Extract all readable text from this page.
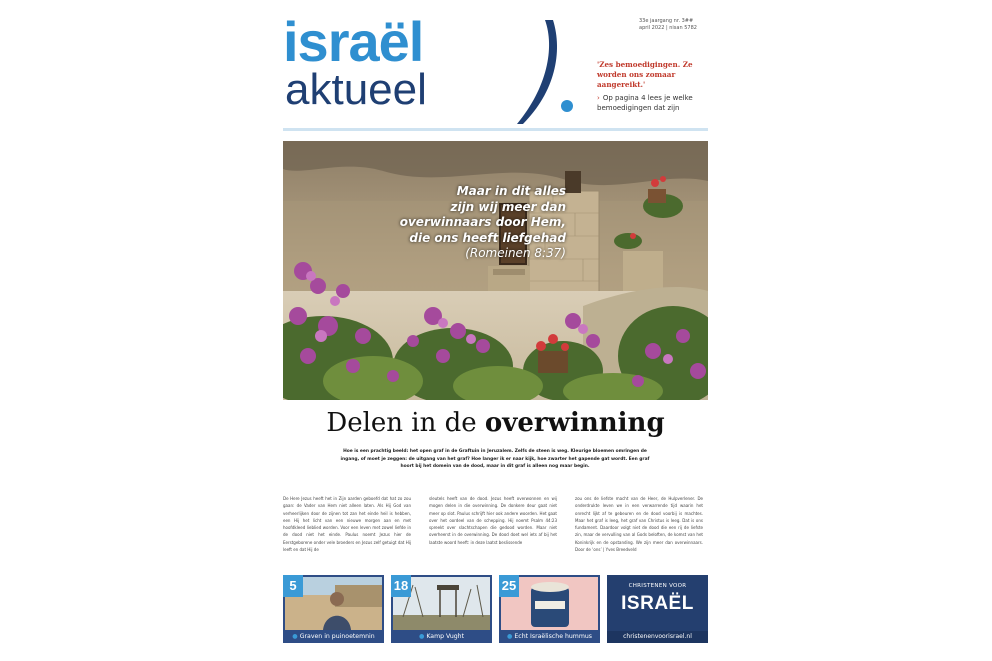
israël
aktueel
33e jaargang nr. 3##
april 2022 | nisan 5782
'Zes bemoedigingen. Ze worden ons zomaar aangereikt.'
› Op pagina 4 lees je welke bemoedigingen dat zijn
Maar in dit alles
zijn wij meer dan
overwinnaars door Hem,
die ons heeft liefgehad
(Romeinen 8:37)
Delen in de overwinning
Hoe is een prachtig beeld: het open graf in de Graftuin in Jeruzalem. Zelfs de steen is weg. Kleurige bloemen omringen de ingang, of moet je zeggen: de uitgang van het graf? Hoe langer ik er naar kijk, hoe zwarter het gapende gat wordt. Een graf hoort bij het domein van de dood, maar in dit graf is alleen nog maar begin.
De Here Jezus heeft het in Zijn aarden geboefd dat hat zo zou gaan: de Vader van Hem niet alleen laten. Als Hij God van verheerlijken door de zijnen tot zan het einde heil is hebben, een Hij het licht van een nieuwe morgen aan en met hoofdkleed lieblied worden. Voor een leven met zowel liefde in de dood niet het einde. Paulus noemt Jezus hier de Eerstgeborene onder vele broeders en Jezus zelf getuigt dat Hij leeft en dat Hij de
sleutels heeft van de dood. Jezus heeft overwonnen en wij mogen delen in die overwinning. De donkere deur gaat niet meer op slot. Paulus schrijft hier ook andere woorden. Het gaat over het oordeel van de schepping. Hij noemt Psalm 44:23 spreekt over slachtschapen die gedood worden. Maar niet overheerst in de overwinning. De dood doet wel iets af bij het laatste woord heeft: in deze laatst beslissende
zou ons de liefste macht van de Heer, de Hulpverlener. De onderdrukte leven we in een verwarrende tijd waarin het onrecht lijkt af te gebeuren en de dood voorbij is machtes. Maar het graf is leeg, het graf van Christus is leeg. Dat is ons fundament. Daardoor volgt niet de dood die een rij de liefste zin, maar de vervulling van al Gods beloften, de komst van het Koninkrijk en de opstanding. We zijn meer dan overwinnaars. Door de ‘ons’ | Yves Breedveld
5
● Graven in puinoetemnin
18
● Kamp Vught
25
● Echt Israëlische hummus
CHRISTENEN VOOR
ISRAËL
christenenvoorisrael.nl
